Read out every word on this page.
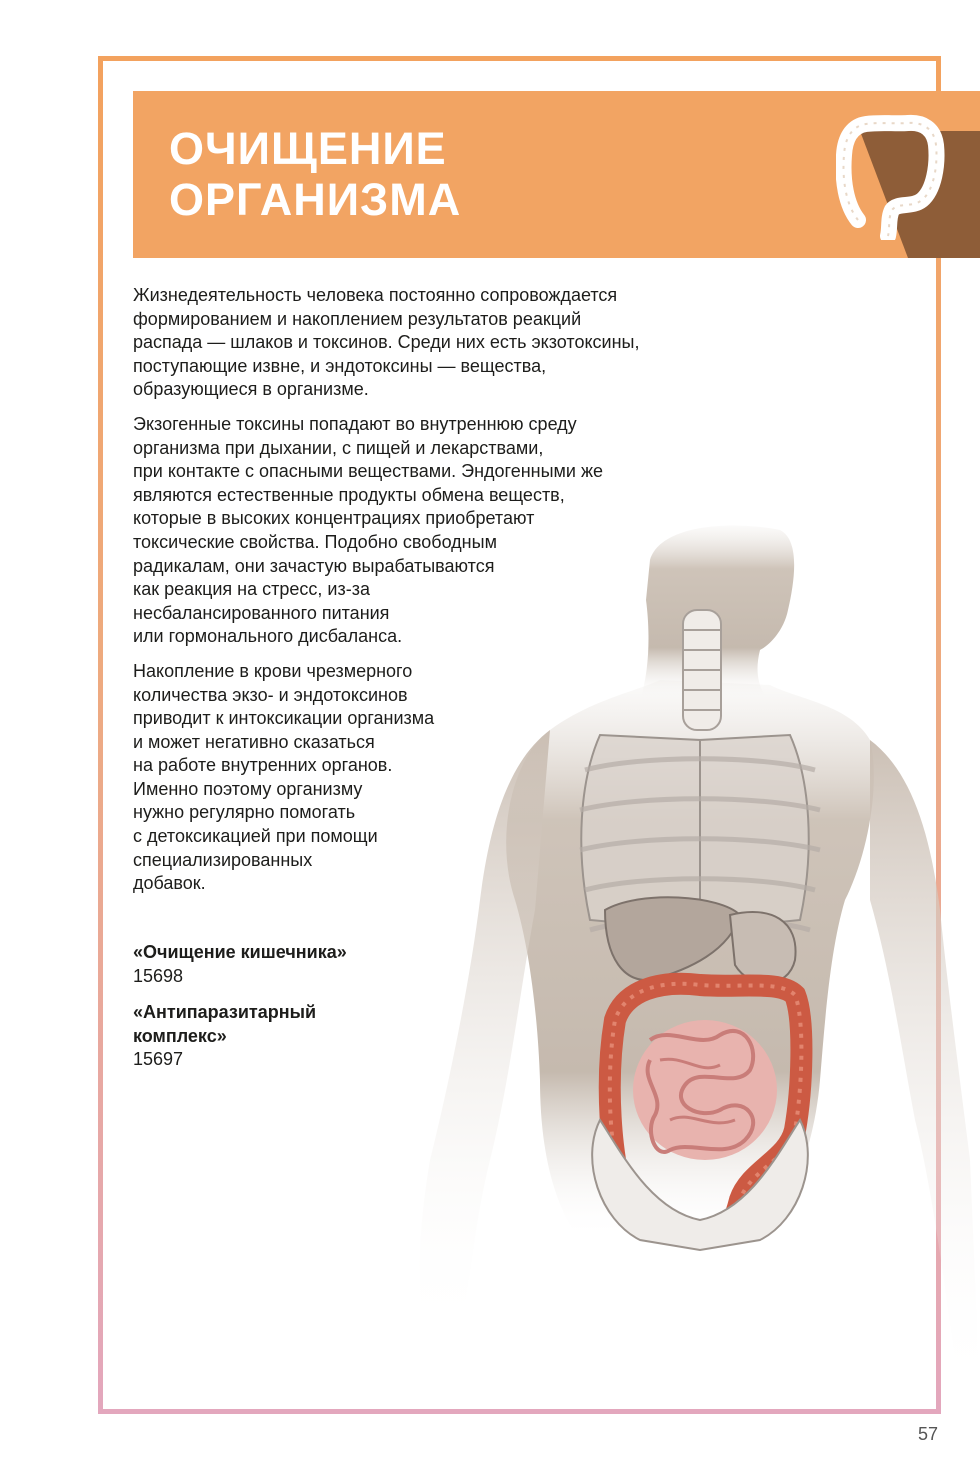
ОЧИЩЕНИЕ
ОРГАНИЗМА

Жизнедеятельность человека постоянно сопровождается
формированием и накоплением результатов реакций
распада — шлаков и токсинов. Среди них есть экзотоксины,
поступающие извне, и эндотоксины — вещества,
образующиеся в организме.

Экзогенные токсины попадают во внутреннюю среду
организма при дыхании, с пищей и лекарствами,
при контакте с опасными веществами. Эндогенными же
являются естественные продукты обмена веществ,
которые в высоких концентрациях приобретают
токсические свойства. Подобно свободным
радикалам, они зачастую вырабатываются
как реакция на стресс, из-за
несбалансированного питания
или гормонального дисбаланса.

Накопление в крови чрезмерного
количества экзо- и эндотоксинов
приводит к интоксикации организма
и может негативно сказаться
на работе внутренних органов.
Именно поэтому организму
нужно регулярно помогать
с детоксикацией при помощи
специализированных
добавок.

«Очищение кишечника»
15698
«Антипаразитарный
комплекс»
15697
57
